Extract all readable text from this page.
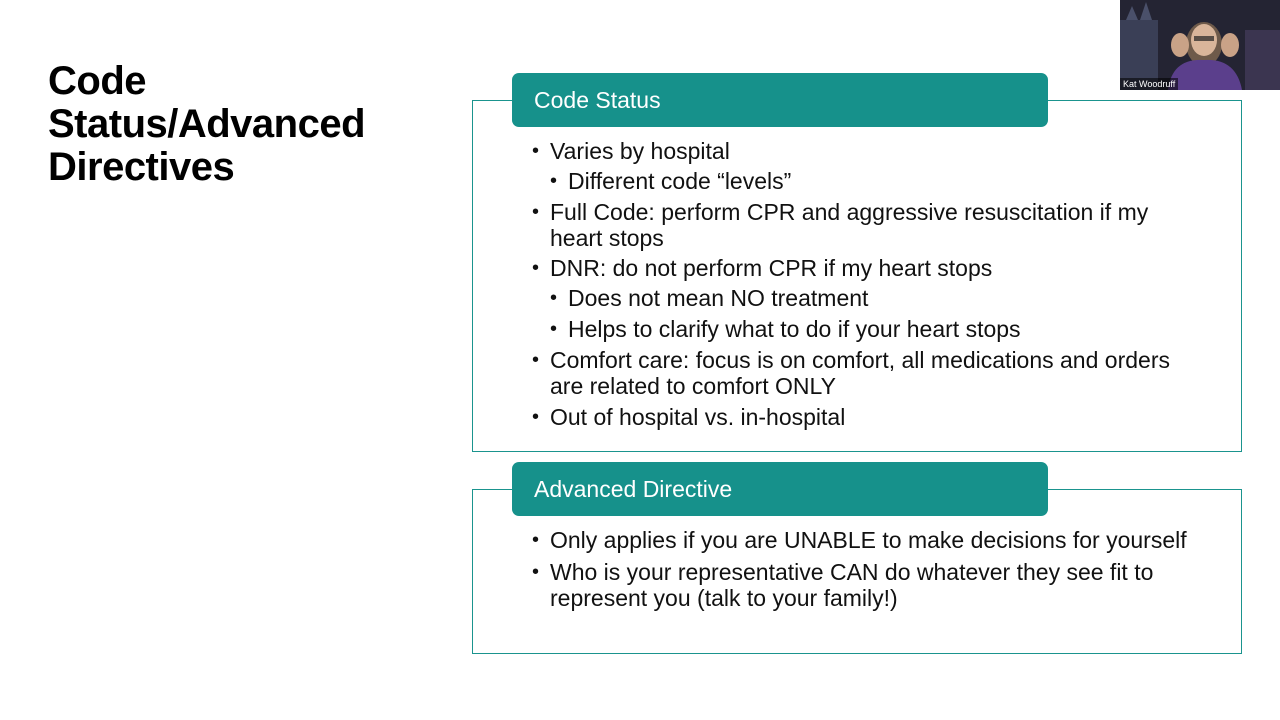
Code Status/Advanced Directives
Code Status
• Varies by hospital
• Different code “levels”
• Full Code: perform CPR and aggressive resuscitation if my heart stops
• DNR: do not perform CPR if my heart stops
• Does not mean NO treatment
• Helps to clarify what to do if your heart stops
• Comfort care: focus is on comfort, all medications and orders are related to comfort ONLY
• Out of hospital vs. in-hospital
Advanced Directive
• Only applies if you are UNABLE to make decisions for yourself
• Who is your representative CAN do whatever they see fit to represent you (talk to your family!)
Kat Woodruff
